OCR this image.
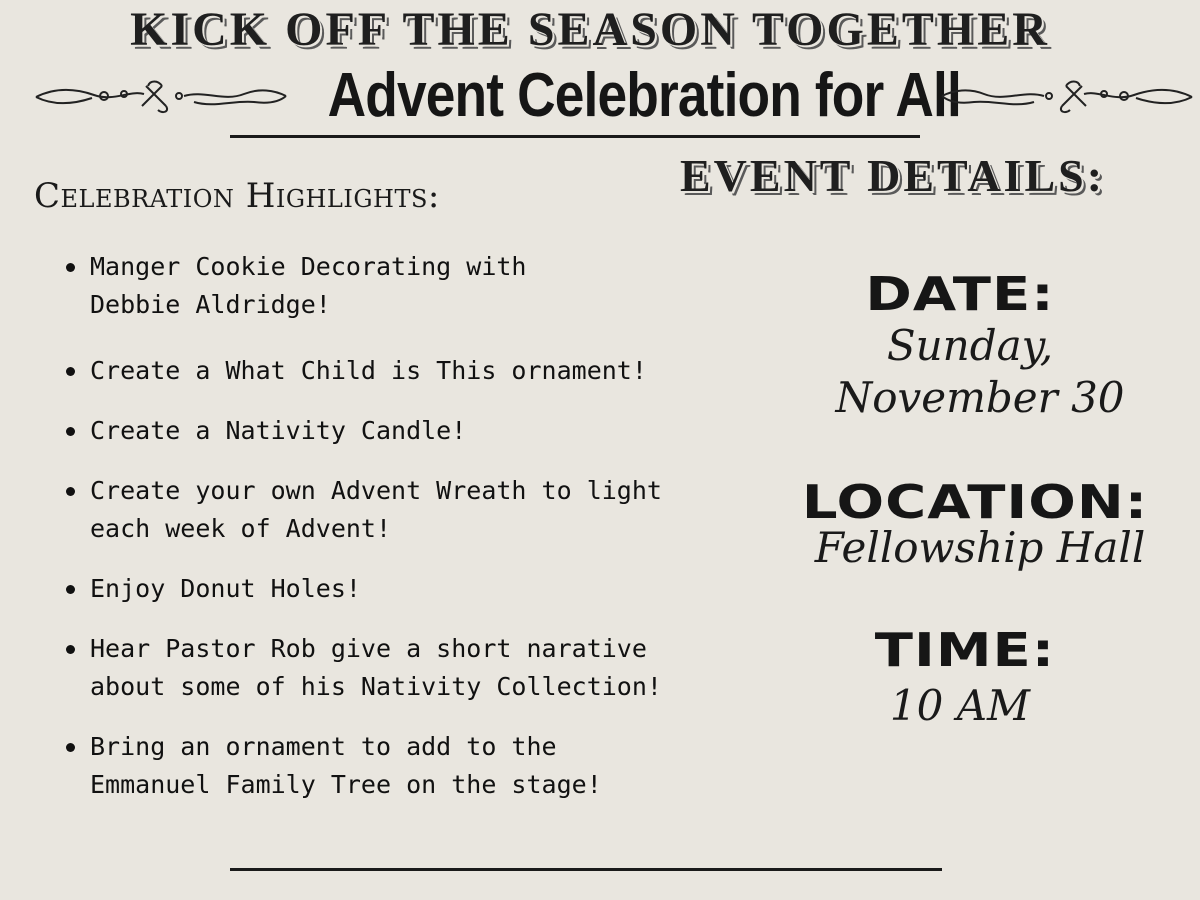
KICK OFF THE SEASON TOGETHER
Advent Celebration for All
EVENT DETAILS:
Celebration Highlights:
Manger Cookie Decorating with
Debbie Aldridge!
Create a What Child is This ornament!
Create a Nativity Candle!
Create your own Advent Wreath to light
each week of Advent!
Enjoy Donut Holes!
Hear Pastor Rob give a short narative
about some of his Nativity Collection!
Bring an ornament to add to the
Emmanuel Family Tree on the stage!
DATE:
Sunday,
November 30
LOCATION:
Fellowship Hall
TIME:
10 AM
